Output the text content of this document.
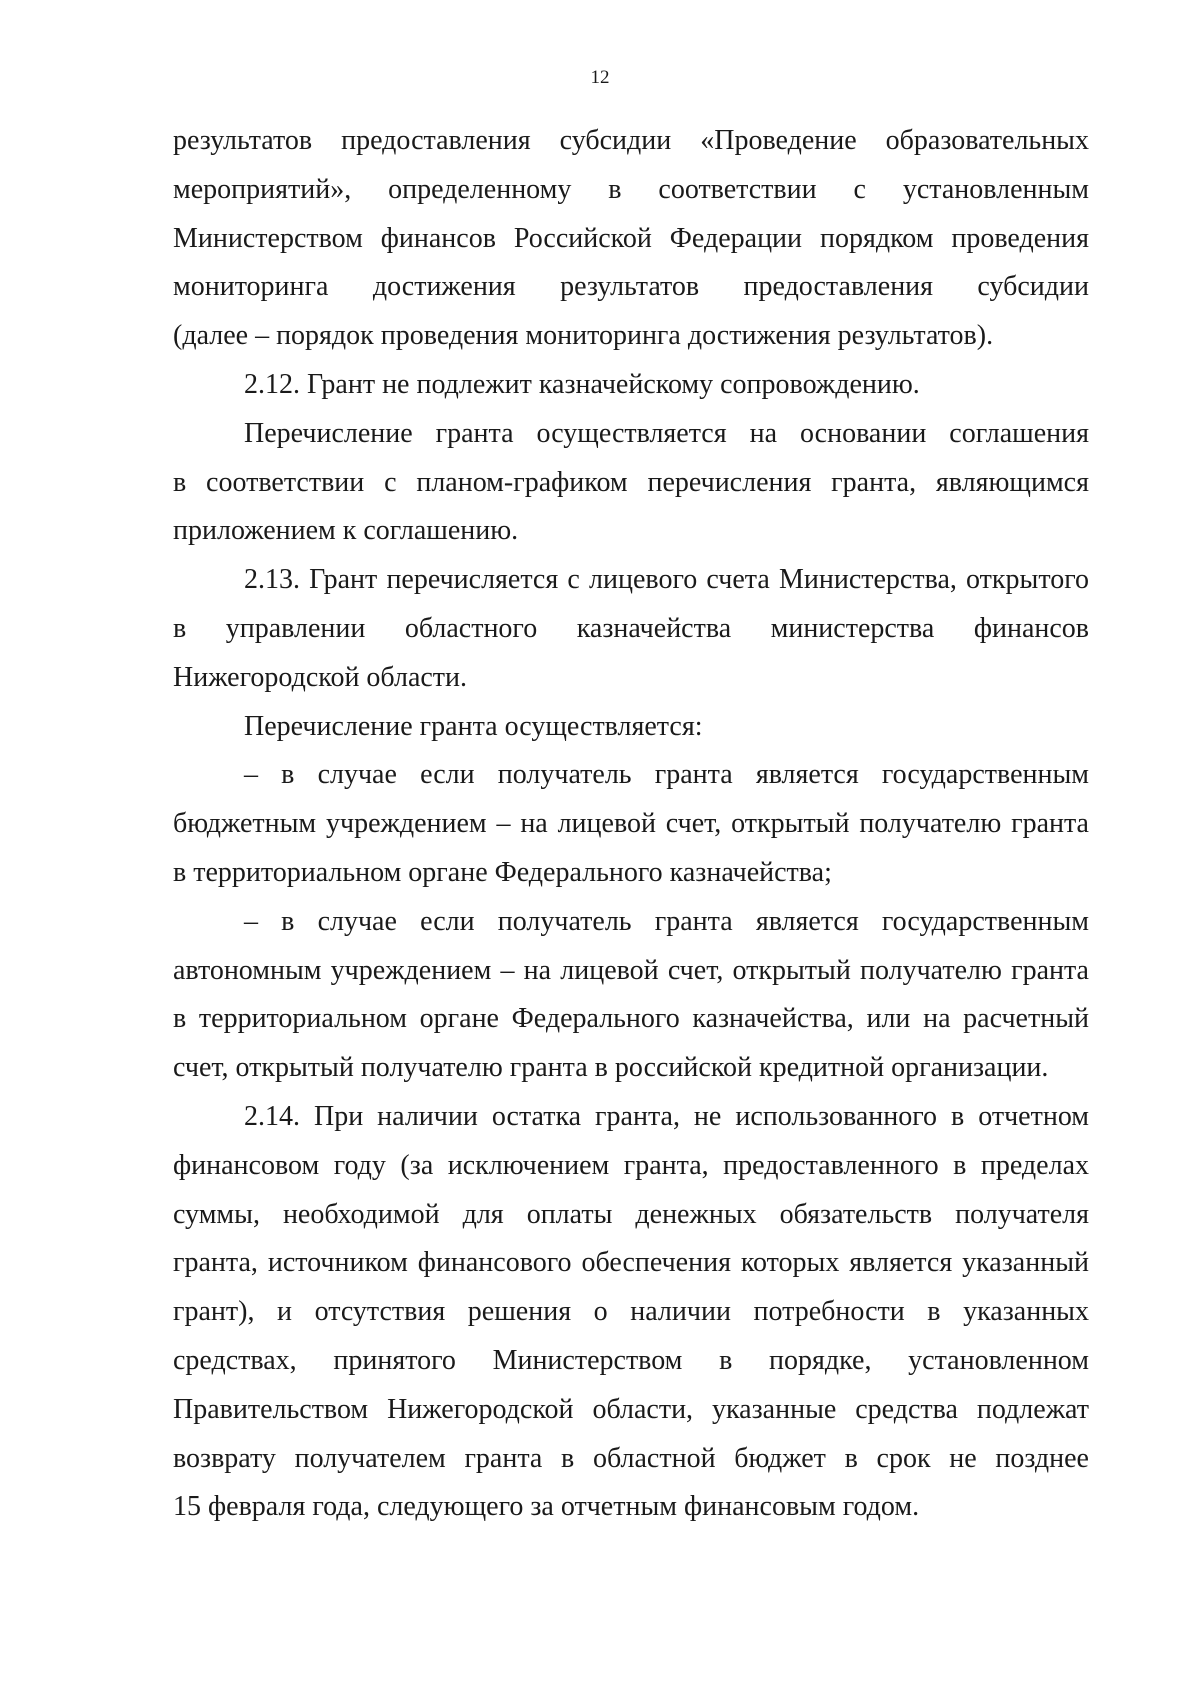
12
результатов предоставления субсидии «Проведение образовательных
мероприятий», определенному в соответствии с установленным
Министерством финансов Российской Федерации порядком проведения
мониторинга достижения результатов предоставления субсидии
(далее – порядок проведения мониторинга достижения результатов).
2.12. Грант не подлежит казначейскому сопровождению.
Перечисление гранта осуществляется на основании соглашения
в соответствии с планом-графиком перечисления гранта, являющимся
приложением к соглашению.
2.13. Грант перечисляется с лицевого счета Министерства, открытого
в управлении областного казначейства министерства финансов
Нижегородской области.
Перечисление гранта осуществляется:
– в случае если получатель гранта является государственным
бюджетным учреждением – на лицевой счет, открытый получателю гранта
в территориальном органе Федерального казначейства;
– в случае если получатель гранта является государственным
автономным учреждением – на лицевой счет, открытый получателю гранта
в территориальном органе Федерального казначейства, или на расчетный
счет, открытый получателю гранта в российской кредитной организации.
2.14. При наличии остатка гранта, не использованного в отчетном
финансовом году (за исключением гранта, предоставленного в пределах
суммы, необходимой для оплаты денежных обязательств получателя
гранта, источником финансового обеспечения которых является указанный
грант), и отсутствия решения о наличии потребности в указанных
средствах, принятого Министерством в порядке, установленном
Правительством Нижегородской области, указанные средства подлежат
возврату получателем гранта в областной бюджет в срок не позднее
15 февраля года, следующего за отчетным финансовым годом.
